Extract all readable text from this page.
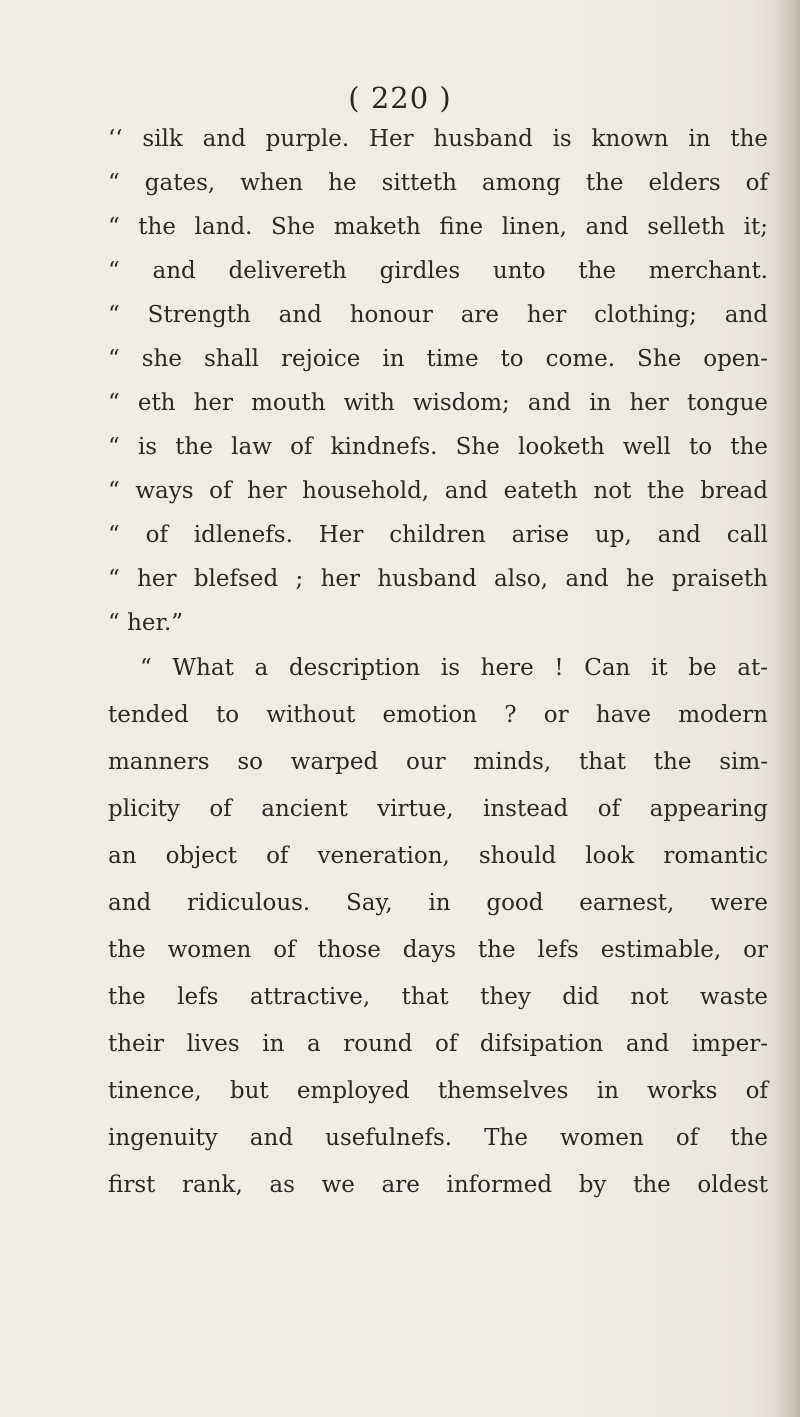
( 220 )
‘‘ silk and purple. Her husband is known in the
“ gates, when he sitteth among the elders of
“ the land. She maketh fine linen, and selleth it;
“ and delivereth girdles unto the merchant.
“ Strength and honour are her clothing; and
“ she shall rejoice in time to come. She open-
“ eth her mouth with wisdom; and in her tongue
“ is the law of kindnefs. She looketh well to the
“ ways of her household, and eateth not the bread
“ of idlenefs. Her children arise up, and call
“ her blefsed ; her husband also, and he praiseth
“ her.”
“ What a description is here ! Can it be at-
tended to without emotion ? or have modern
manners so warped our minds, that the sim-
plicity of ancient virtue, instead of appearing
an object of veneration, should look romantic
and ridiculous. Say, in good earnest, were
the women of those days the lefs estimable, or
the lefs attractive, that they did not waste
their lives in a round of difsipation and imper-
tinence, but employed themselves in works of
ingenuity and usefulnefs. The women of the
first rank, as we are informed by the oldest
